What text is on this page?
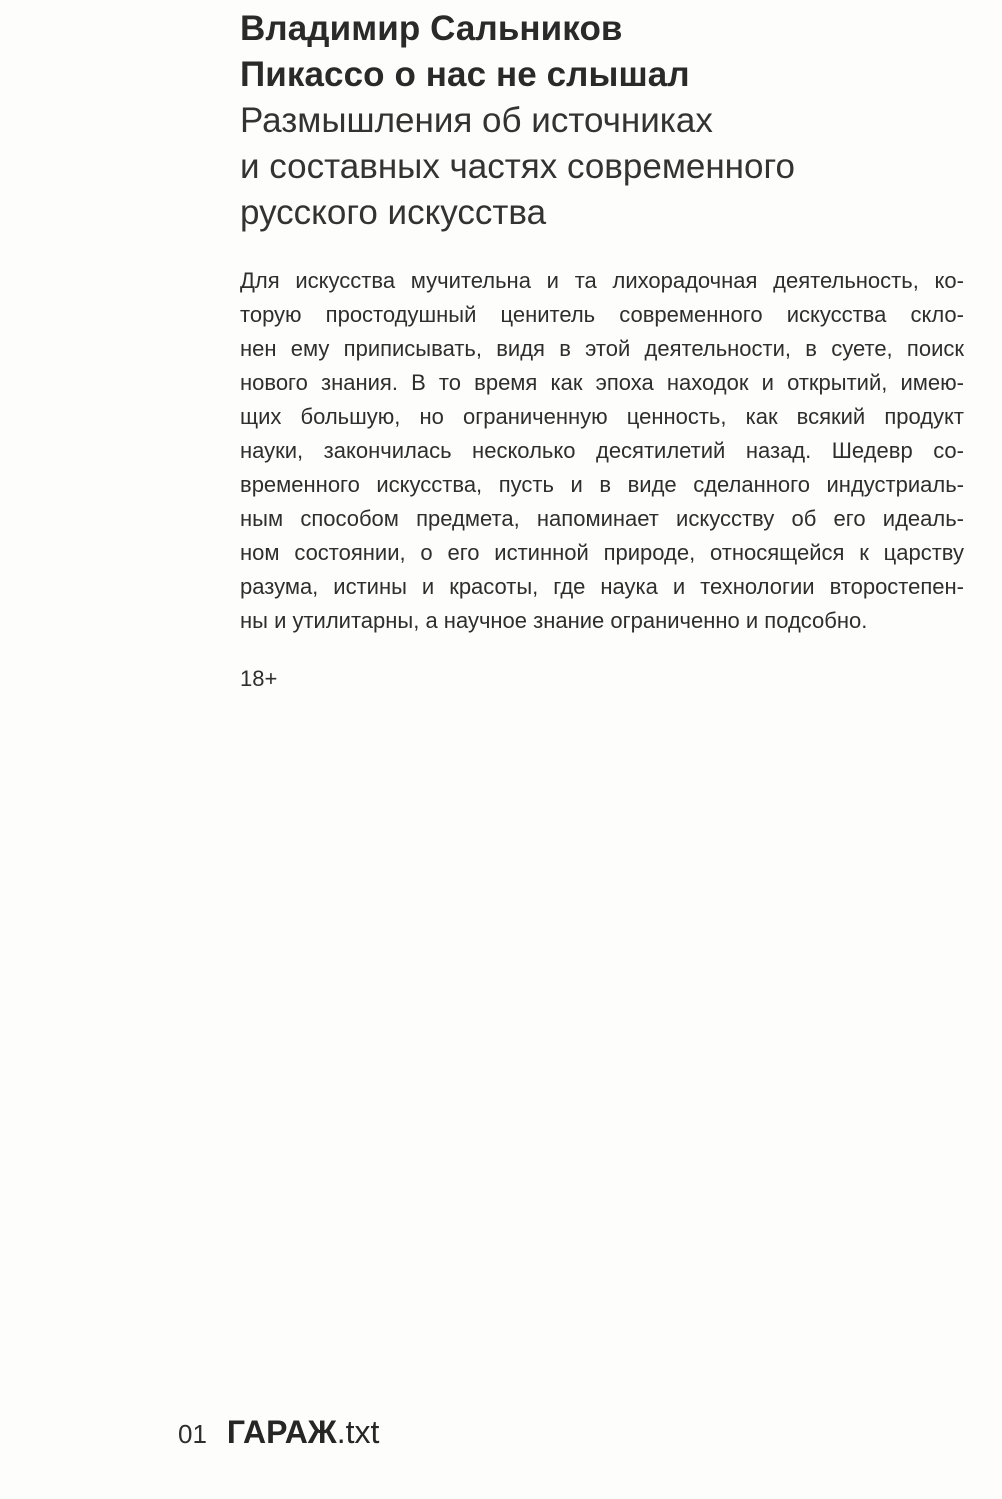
Владимир Сальников
Пикассо о нас не слышал
Размышления об источниках
и составных частях современного
русского искусства
Для искусства мучительна и та лихорадочная деятельность, ко-
торую простодушный ценитель современного искусства скло-
нен ему приписывать, видя в этой деятельности, в суете, поиск
нового знания. В то время как эпоха находок и открытий, имею-
щих большую, но ограниченную ценность, как всякий продукт
науки, закончилась несколько десятилетий назад. Шедевр со-
временного искусства, пусть и в виде сделанного индустриаль-
ным способом предмета, напоминает искусству об его идеаль-
ном состоянии, о его истинной природе, относящейся к царству
разума, истины и красоты, где наука и технологии второстепен-
ны и утилитарны, а научное знание ограниченно и подсобно.
18+
01 ГАРАЖ .txt
